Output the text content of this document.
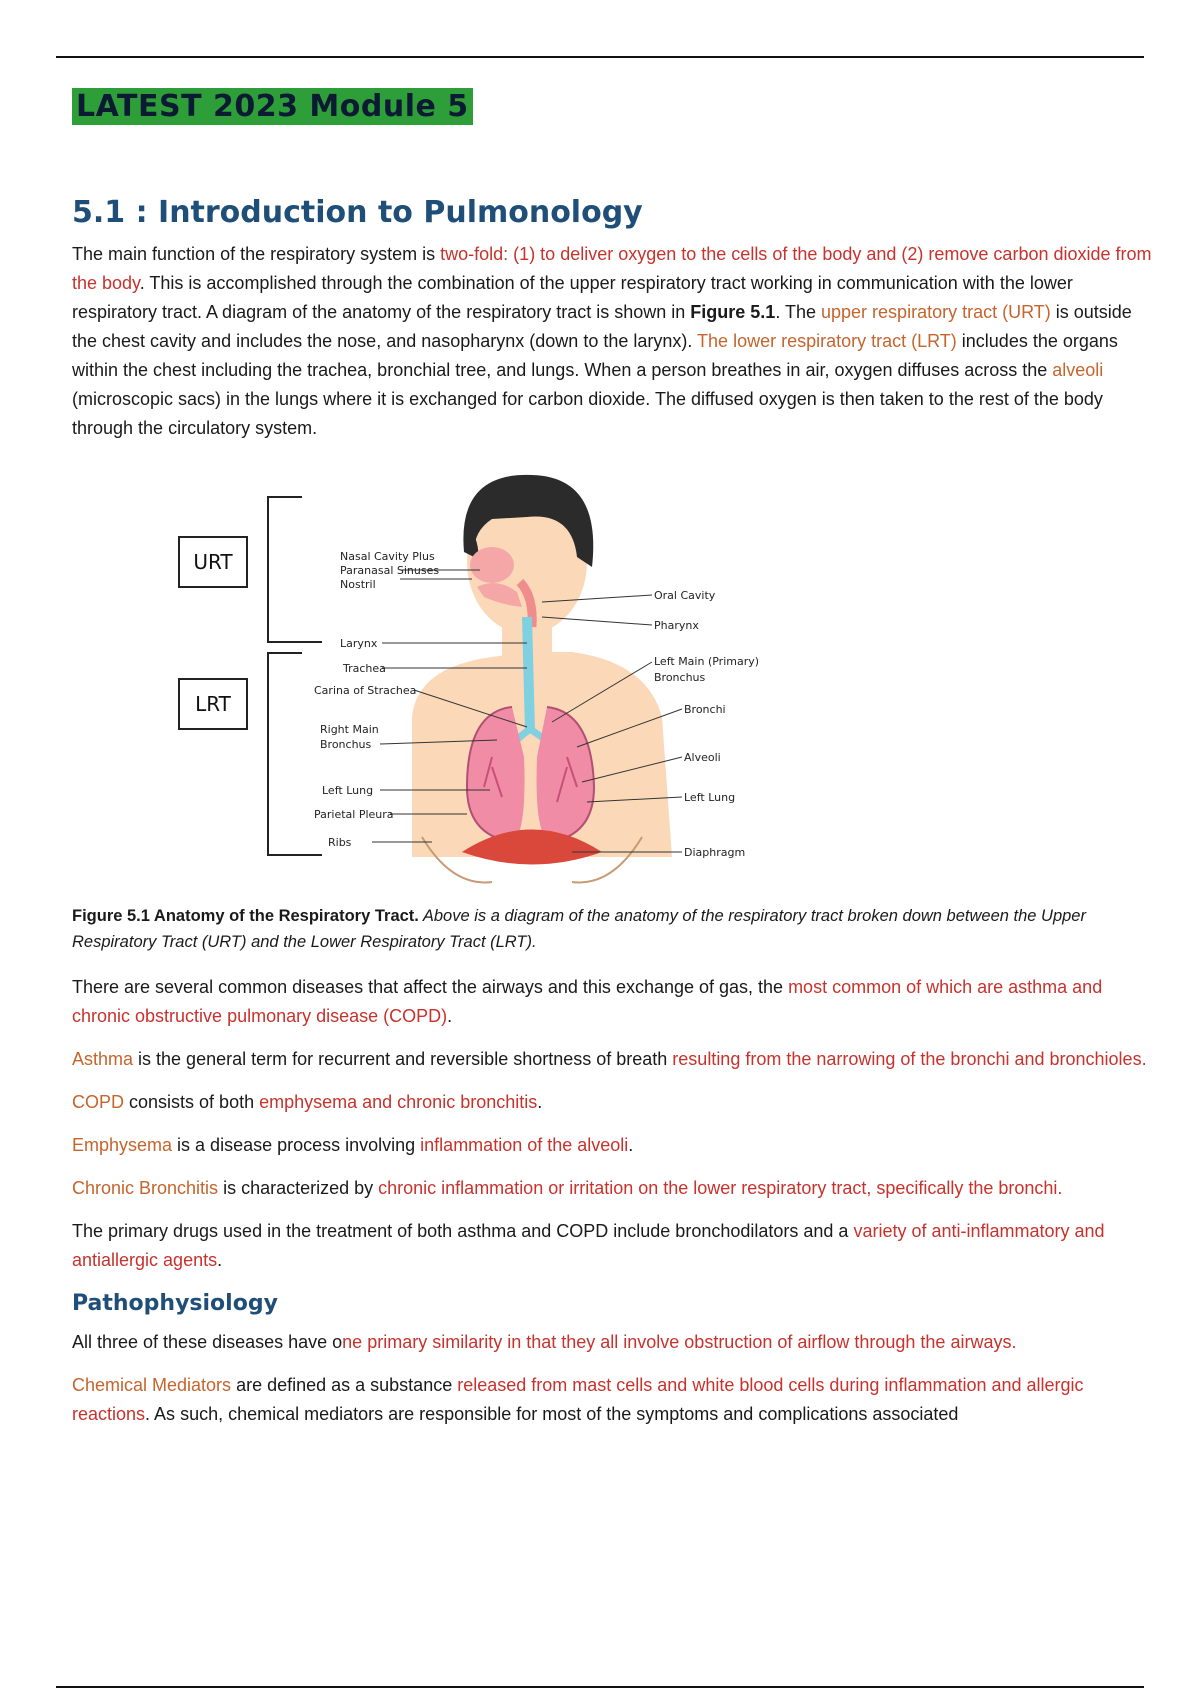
LATEST 2023 Module 5
5.1 : Introduction to Pulmonology

The main function of the respiratory system is two-fold: (1) to deliver oxygen to the cells of the body and (2) remove carbon dioxide from the body. This is accomplished through the combination of the upper respiratory tract working in communication with the lower respiratory tract. A diagram of the anatomy of the respiratory tract is shown in Figure 5.1. The upper respiratory tract (URT) is outside the chest cavity and includes the nose, and nasopharynx (down to the larynx). The lower respiratory tract (LRT) includes the organs within the chest including the trachea, bronchial tree, and lungs. When a person breathes in air, oxygen diffuses across the alveoli (microscopic sacs) in the lungs where it is exchanged for carbon dioxide. The diffused oxygen is then taken to the rest of the body through the circulatory system.

URT
LRT
Nasal Cavity Plus
Paranasal Sinuses
Nostril
Larynx
Trachea
Carina of Strachea
Right Main
Bronchus
Left Lung
Parietal Pleura
Ribs
Oral Cavity
Pharynx
Left Main (Primary)
Bronchus
Bronchi
Alveoli
Left Lung
Diaphragm

Figure 5.1 Anatomy of the Respiratory Tract. Above is a diagram of the anatomy of the respiratory tract broken down between the Upper Respiratory Tract (URT) and the Lower Respiratory Tract (LRT).

There are several common diseases that affect the airways and this exchange of gas, the most common of which are asthma and chronic obstructive pulmonary disease (COPD).

Asthma is the general term for recurrent and reversible shortness of breath resulting from the narrowing of the bronchi and bronchioles.

COPD consists of both emphysema and chronic bronchitis.

Emphysema is a disease process involving inflammation of the alveoli.

Chronic Bronchitis is characterized by chronic inflammation or irritation on the lower respiratory tract, specifically the bronchi.

The primary drugs used in the treatment of both asthma and COPD include bronchodilators and a variety of anti-inflammatory and antiallergic agents.

Pathophysiology

All three of these diseases have one primary similarity in that they all involve obstruction of airflow through the airways.

Chemical Mediators are defined as a substance released from mast cells and white blood cells during inflammation and allergic reactions. As such, chemical mediators are responsible for most of the symptoms and complications associated
